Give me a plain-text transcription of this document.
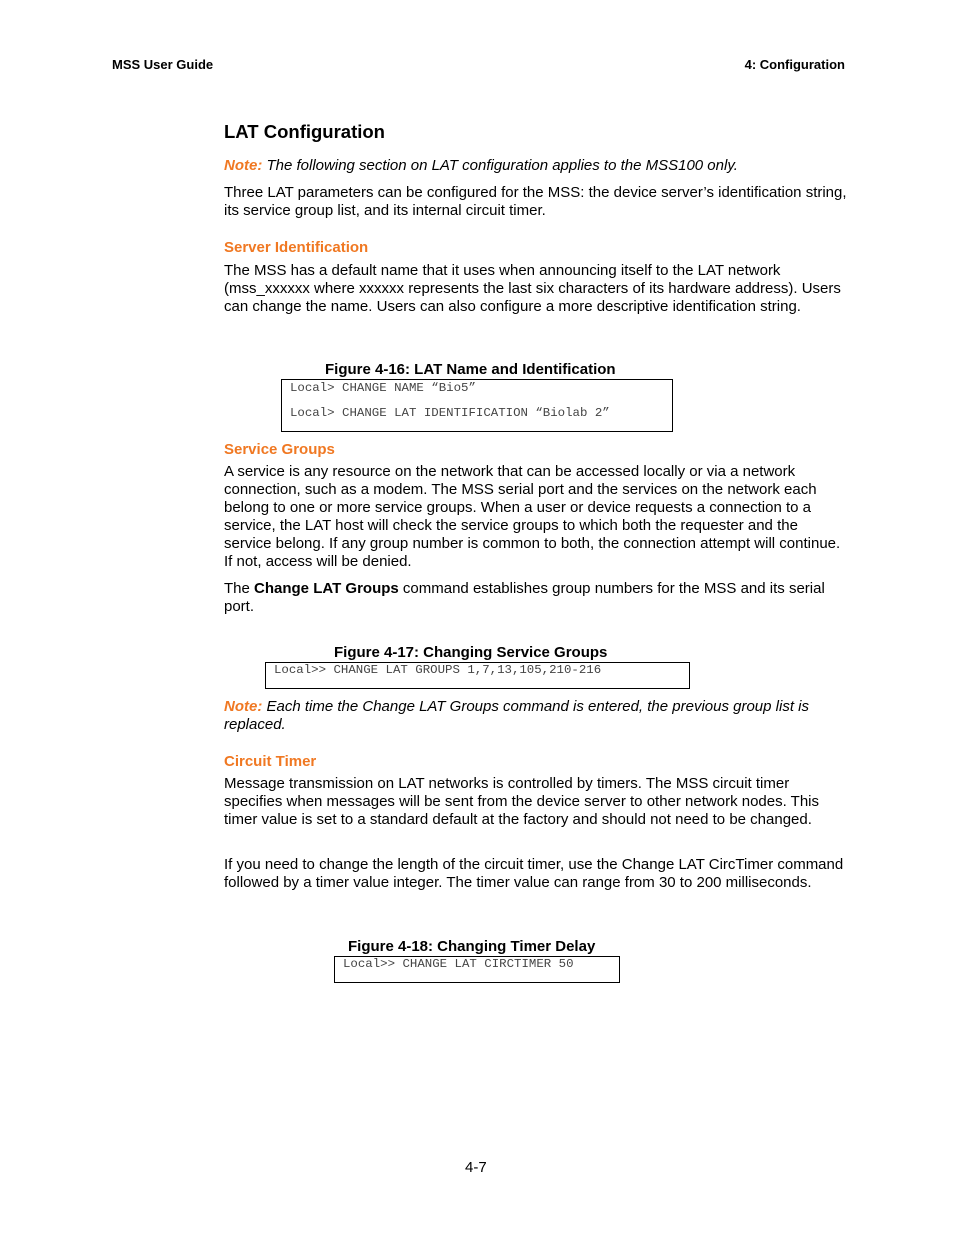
MSS User Guide	4: Configuration
LAT Configuration

Note: The following section on LAT configuration applies to the MSS100 only.

Three LAT parameters can be configured for the MSS: the device server’s identification string, its service group list, and its internal circuit timer.

Server Identification

The MSS has a default name that it uses when announcing itself to the LAT network (mss_xxxxxx where xxxxxx represents the last six characters of its hardware address). Users can change the name. Users can also configure a more descriptive identification string.

Figure 4-16: LAT Name and Identification
Local> CHANGE NAME “Bio5”
Local> CHANGE LAT IDENTIFICATION “Biolab 2”
Service Groups

A service is any resource on the network that can be accessed locally or via a network connection, such as a modem. The MSS serial port and the services on the network each belong to one or more service groups. When a user or device requests a connection to a service, the LAT host will check the service groups to which both the requester and the service belong. If any group number is common to both, the connection attempt will continue. If not, access will be denied.

The Change LAT Groups command establishes group numbers for the MSS and its serial port.

Figure 4-17: Changing Service Groups
Local>> CHANGE LAT GROUPS 1,7,13,105,210-216

Note: Each time the Change LAT Groups command is entered, the previous group list is replaced.

Circuit Timer

Message transmission on LAT networks is controlled by timers. The MSS circuit timer specifies when messages will be sent from the device server to other network nodes. This timer value is set to a standard default at the factory and should not need to be changed.

If you need to change the length of the circuit timer, use the Change LAT CircTimer command followed by a timer value integer. The timer value can range from 30 to 200 milliseconds.

Figure 4-18: Changing Timer Delay
Local>> CHANGE LAT CIRCTIMER 50
4-7
